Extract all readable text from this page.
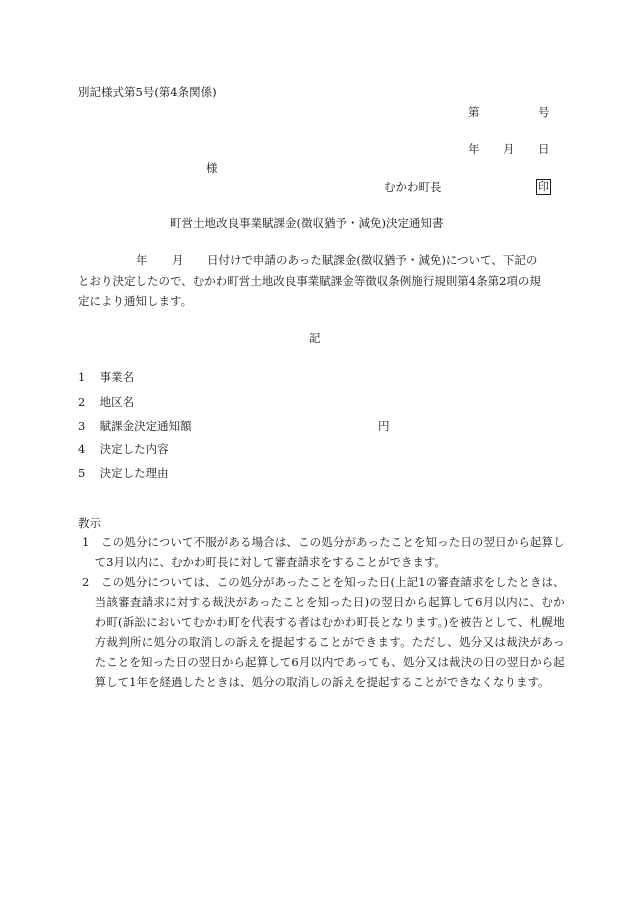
別記様式第5号(第4条関係)
第	号
年 月 日
様
むかわ町長	印
町営土地改良事業賦課金(徴収猶予・減免)決定通知書
年 月 日付けで申請のあった賦課金(徴収猶予・減免)について、下記の
とおり決定したので、むかわ町営土地改良事業賦課金等徴収条例施行規則第4条第2項の規
定により通知します。
記
1 事業名
2 地区名
3 賦課金決定通知額	円
4 決定した内容
5 決定した理由
教示
1　この処分について不服がある場合は、この処分があったことを知った日の翌日から起算して3月以内に、むかわ町長に対して審査請求をすることができます。
2　この処分については、この処分があったことを知った日(上記1の審査請求をしたときは、当該審査請求に対する裁決があったことを知った日)の翌日から起算して6月以内に、むかわ町(訴訟においてむかわ町を代表する者はむかわ町長となります。)を被告として、札幌地方裁判所に処分の取消しの訴えを提起することができます。ただし、処分又は裁決があったことを知った日の翌日から起算して6月以内であっても、処分又は裁決の日の翌日から起算して1年を経過したときは、処分の取消しの訴えを提起することができなくなります。
